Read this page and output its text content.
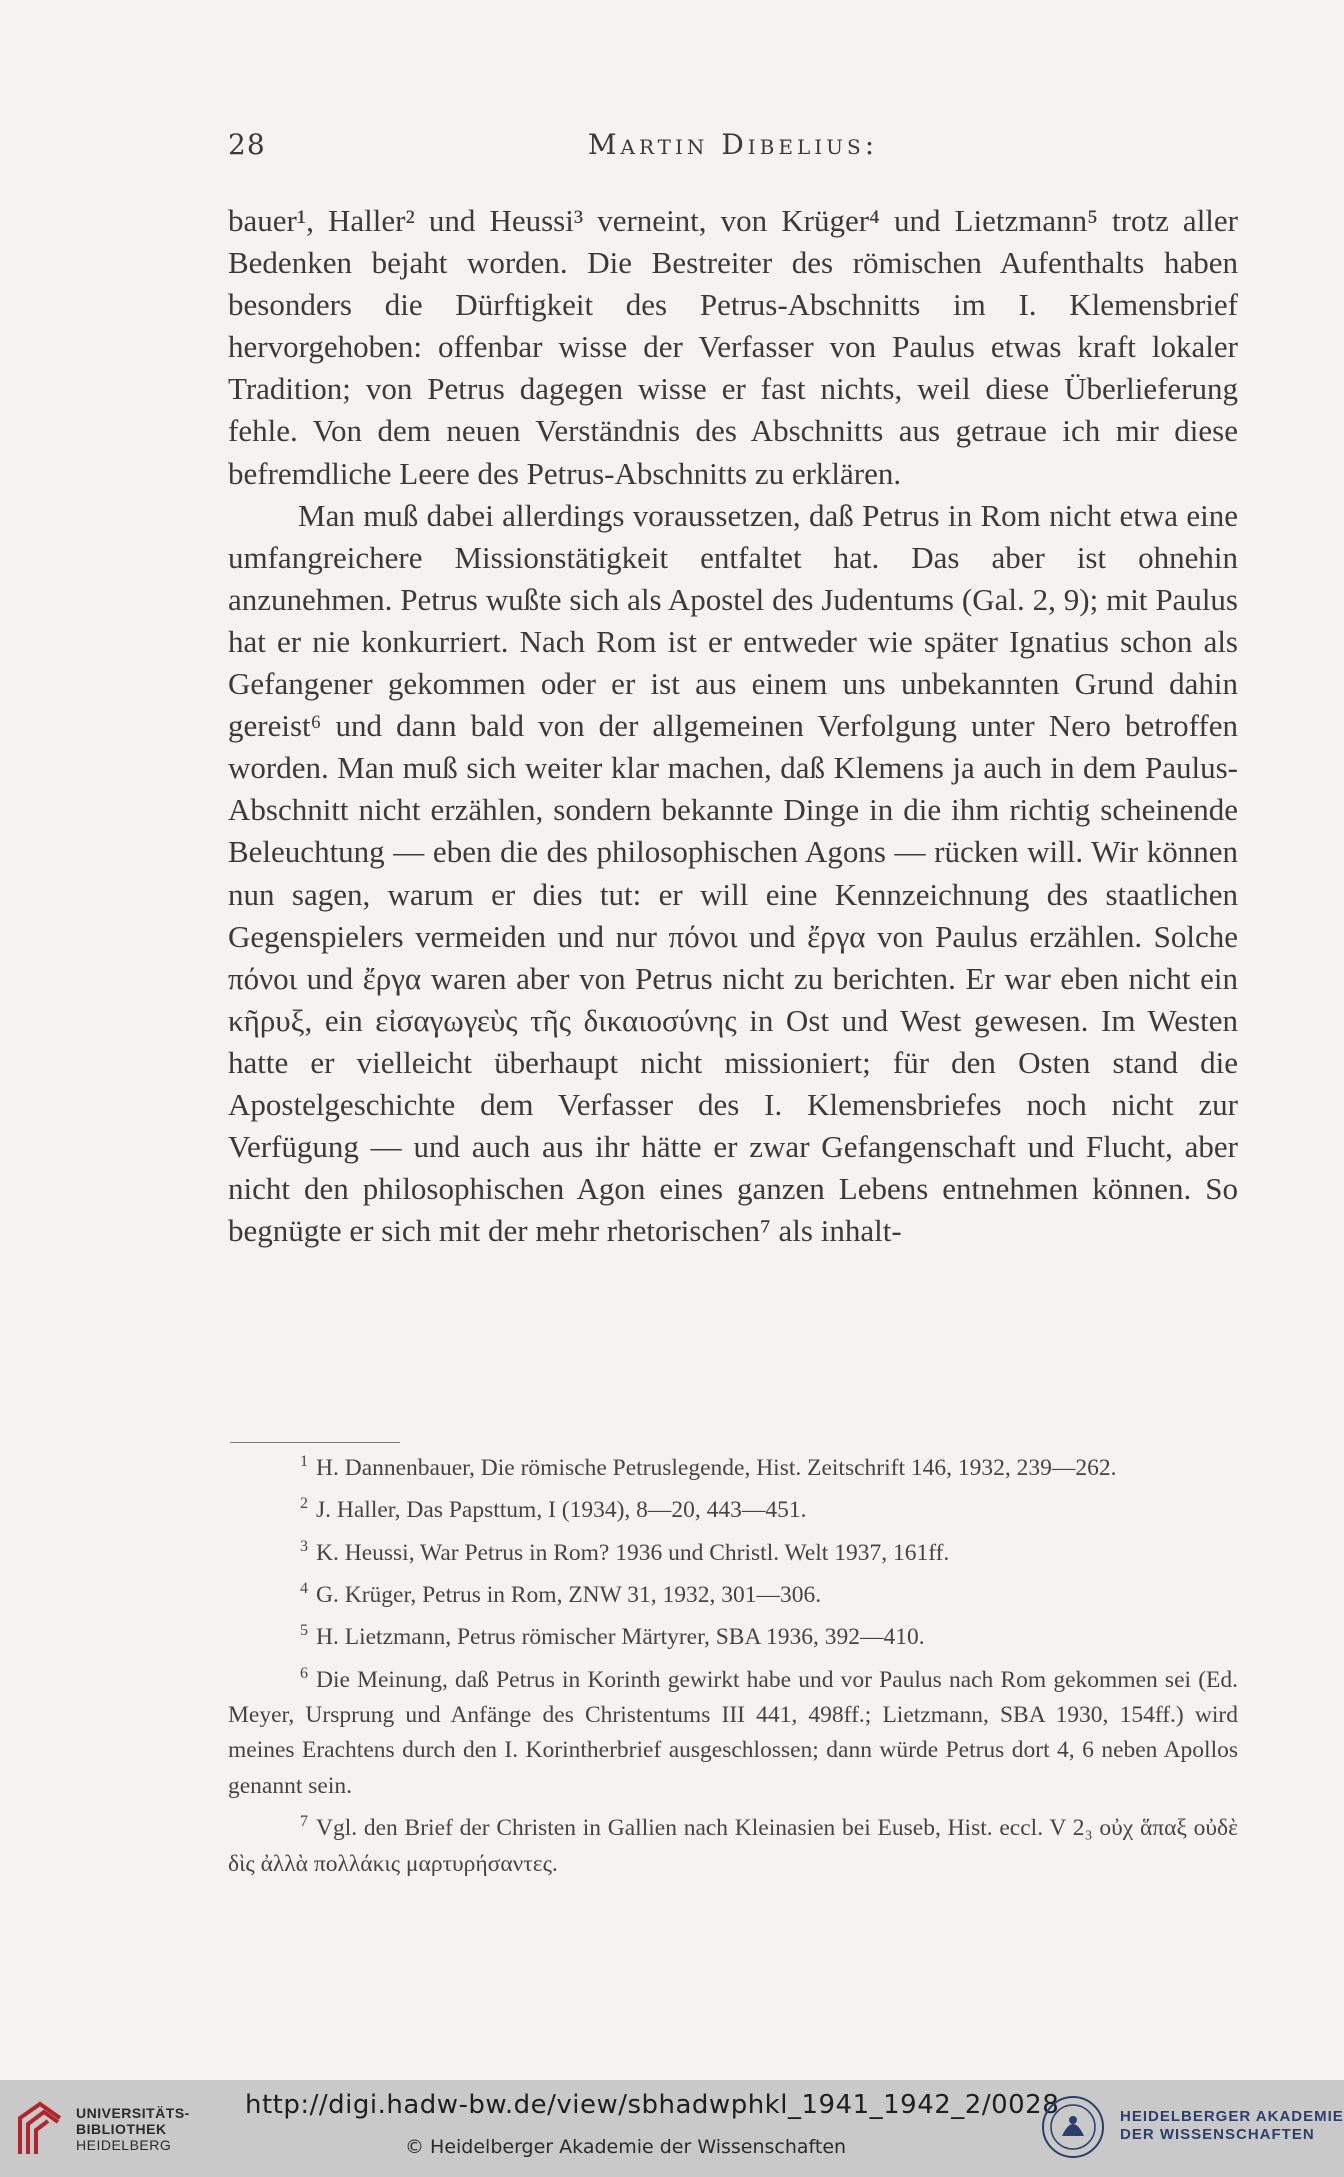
28	Martin Dibelius:

bauer¹, Haller² und Heussi³ verneint, von Krüger⁴ und Lietzmann⁵ trotz aller Bedenken bejaht worden. Die Bestreiter des römischen Aufenthalts haben besonders die Dürftigkeit des Petrus-Abschnitts im I. Klemensbrief hervorgehoben: offenbar wisse der Verfasser von Paulus etwas kraft lokaler Tradition; von Petrus dagegen wisse er fast nichts, weil diese Überlieferung fehle. Von dem neuen Verständnis des Abschnitts aus getraue ich mir diese befremdliche Leere des Petrus-Abschnitts zu erklären.

Man muß dabei allerdings voraussetzen, daß Petrus in Rom nicht etwa eine umfangreichere Missionstätigkeit entfaltet hat. Das aber ist ohnehin anzunehmen. Petrus wußte sich als Apostel des Judentums (Gal. 2, 9); mit Paulus hat er nie konkurriert. Nach Rom ist er entweder wie später Ignatius schon als Gefangener gekommen oder er ist aus einem uns unbekannten Grund dahin gereist⁶ und dann bald von der allgemeinen Verfolgung unter Nero betroffen worden. Man muß sich weiter klar machen, daß Klemens ja auch in dem Paulus-Abschnitt nicht erzählen, sondern bekannte Dinge in die ihm richtig scheinende Beleuchtung — eben die des philosophischen Agons — rücken will. Wir können nun sagen, warum er dies tut: er will eine Kennzeichnung des staatlichen Gegenspielers vermeiden und nur πόνοι und ἔργα von Paulus erzählen. Solche πόνοι und ἔργα waren aber von Petrus nicht zu berichten. Er war eben nicht ein κῆρυξ, ein εἰσαγωγεὺς τῆς δικαιοσύνης in Ost und West gewesen. Im Westen hatte er vielleicht überhaupt nicht missioniert; für den Osten stand die Apostelgeschichte dem Verfasser des I. Klemensbriefes noch nicht zur Verfügung — und auch aus ihr hätte er zwar Gefangenschaft und Flucht, aber nicht den philosophischen Agon eines ganzen Lebens entnehmen können. So begnügte er sich mit der mehr rhetorischen⁷ als inhalt-

$^1$ H. Dannenbauer, Die römische Petruslegende, Hist. Zeitschrift 146, 1932, 239—262.

$^2$ J. Haller, Das Papsttum, I (1934), 8—20, 443—451.

$^3$ K. Heussi, War Petrus in Rom? 1936 und Christl. Welt 1937, 161ff.

$^4$ G. Krüger, Petrus in Rom, ZNW 31, 1932, 301—306.

$^5$ H. Lietzmann, Petrus römischer Märtyrer, SBA 1936, 392—410.

$^6$ Die Meinung, daß Petrus in Korinth gewirkt habe und vor Paulus nach Rom gekommen sei (Ed. Meyer, Ursprung und Anfänge des Christentums III 441, 498ff.; Lietzmann, SBA 1930, 154ff.) wird meines Erachtens durch den I. Korintherbrief ausgeschlossen; dann würde Petrus dort 4, 6 neben Apollos genannt sein.

$^7$ Vgl. den Brief der Christen in Gallien nach Kleinasien bei Euseb, Hist. eccl. V 2₃ οὐχ ἅπαξ οὐδὲ δὶς ἀλλὰ πολλάκις μαρτυρήσαντες.

UNIVERSITÄTS-
BIBLIOTHEK
HEIDELBERG
http://digi.hadw-bw.de/view/sbhadwphkl_1941_1942_2/0028
© Heidelberger Akademie der Wissenschaften
HEIDELBERGER AKADEMIE
DER WISSENSCHAFTEN
